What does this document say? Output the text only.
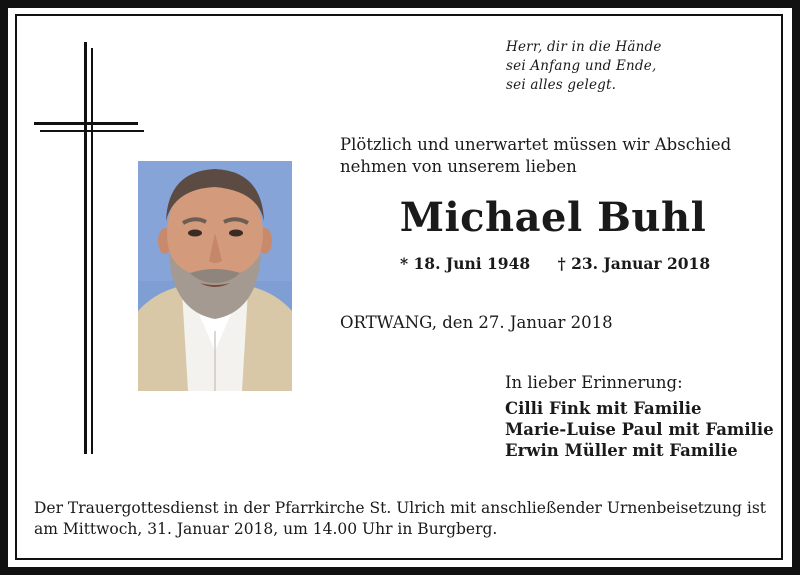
Herr, dir in die Hände
sei Anfang und Ende,
sei alles gelegt.
Plötzlich und unerwartet müssen wir Abschied
nehmen von unserem lieben
Michael Buhl
* 18. Juni 1948 † 23. Januar 2018
ORTWANG, den 27. Januar 2018
In lieber Erinnerung:
Cilli Fink mit Familie
Marie-Luise Paul mit Familie
Erwin Müller mit Familie
Der Trauergottesdienst in der Pfarrkirche St. Ulrich mit anschließender Urnenbeisetzung ist
am Mittwoch, 31. Januar 2018, um 14.00 Uhr in Burgberg.
